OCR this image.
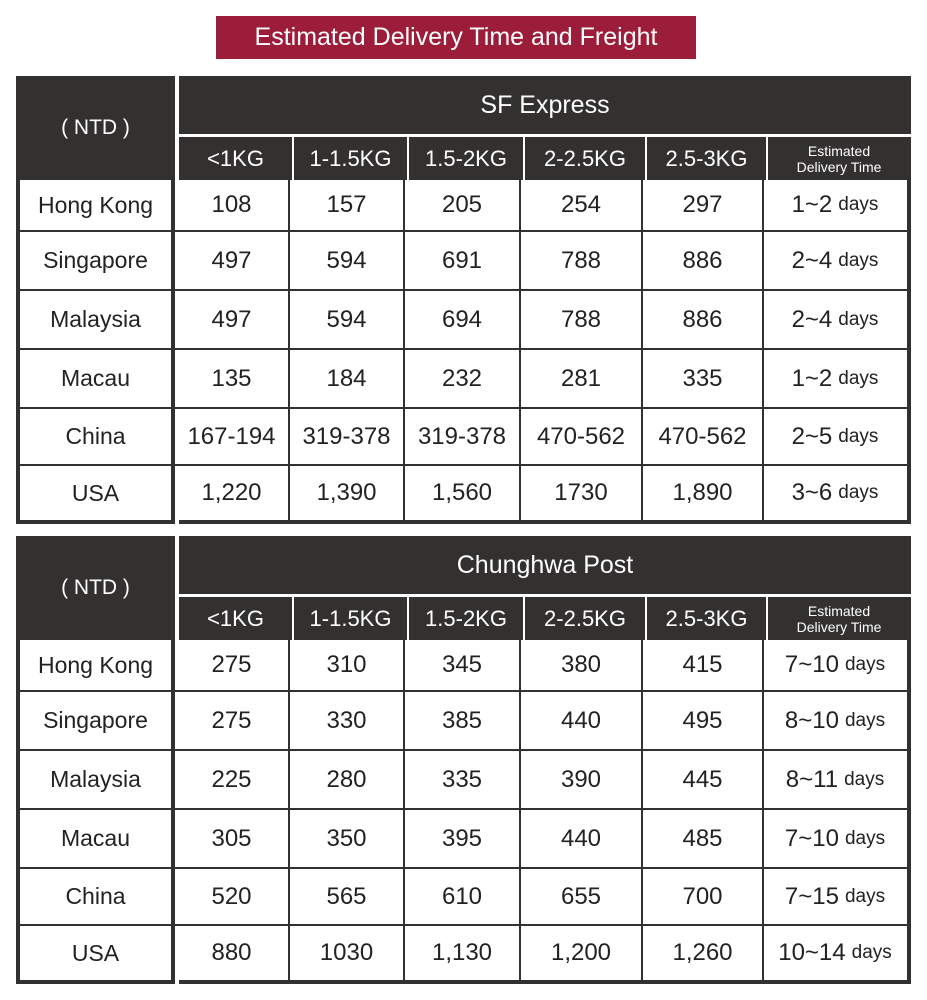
Estimated Delivery Time and Freight
( NTD )
SF Express
<1KG	1-1.5KG	1.5-2KG	2-2.5KG	2.5-3KG	Estimated
Delivery Time
Hong Kong	108	157	205	254	297	1~2 days
Singapore	497	594	691	788	886	2~4 days
Malaysia	497	594	694	788	886	2~4 days
Macau	135	184	232	281	335	1~2 days
China	167-194	319-378	319-378	470-562	470-562	2~5 days
USA	1,220	1,390	1,560	1730	1,890	3~6 days
( NTD )
Chunghwa Post
<1KG	1-1.5KG	1.5-2KG	2-2.5KG	2.5-3KG	Estimated
Delivery Time
Hong Kong	275	310	345	380	415	7~10 days
Singapore	275	330	385	440	495	8~10 days
Malaysia	225	280	335	390	445	8~11 days
Macau	305	350	395	440	485	7~10 days
China	520	565	610	655	700	7~15 days
USA	880	1030	1,130	1,200	1,260	10~14 days
